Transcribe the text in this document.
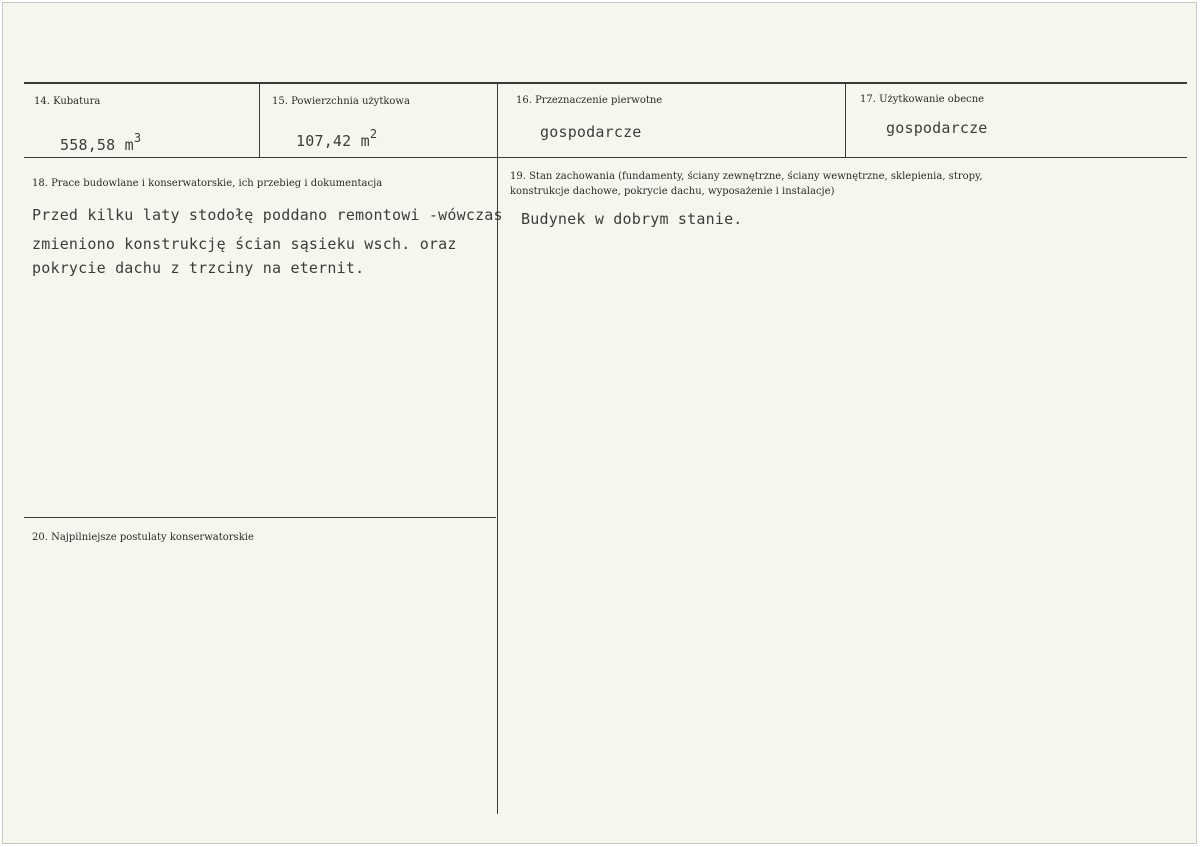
14. Kubatura
558,58 $m^3$
15. Powierzchnia użytkowa
107,42 $m^2$
16. Przeznaczenie pierwotne
gospodarcze
17. Użytkowanie obecne
gospodarcze
18. Prace budowlane i konserwatorskie, ich przebieg i dokumentacja
Przed kilku laty stodołę poddano remontowi -wówczas
zmieniono konstrukcję ścian sąsieku wsch. oraz
pokrycie dachu z trzciny na eternit.
19. Stan zachowania (fundamenty, ściany zewnętrzne, ściany wewnętrzne, sklepienia, stropy,
konstrukcje dachowe, pokrycie dachu, wyposażenie i instalacje)
Budynek w dobrym stanie.
20. Najpilniejsze postulaty konserwatorskie
